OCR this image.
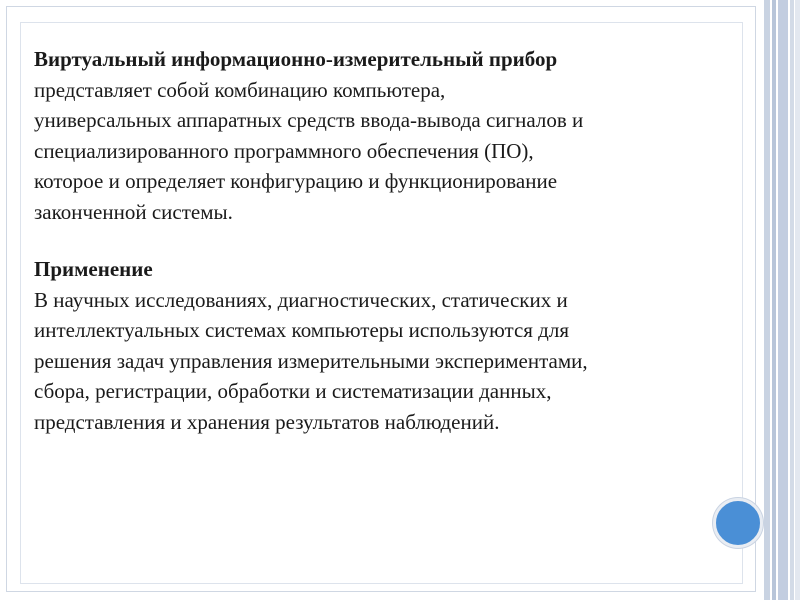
Виртуальный информационно-измерительный прибор
представляет собой комбинацию компьютера,
универсальных аппаратных средств ввода-вывода сигналов и
специализированного программного обеспечения (ПО),
которое и определяет конфигурацию и функционирование
законченной системы.
Применение
В научных исследованиях, диагностических, статических и
интеллектуальных системах компьютеры используются для
решения задач управления измерительными экспериментами,
сбора, регистрации, обработки и систематизации данных,
представления и хранения результатов наблюдений.
